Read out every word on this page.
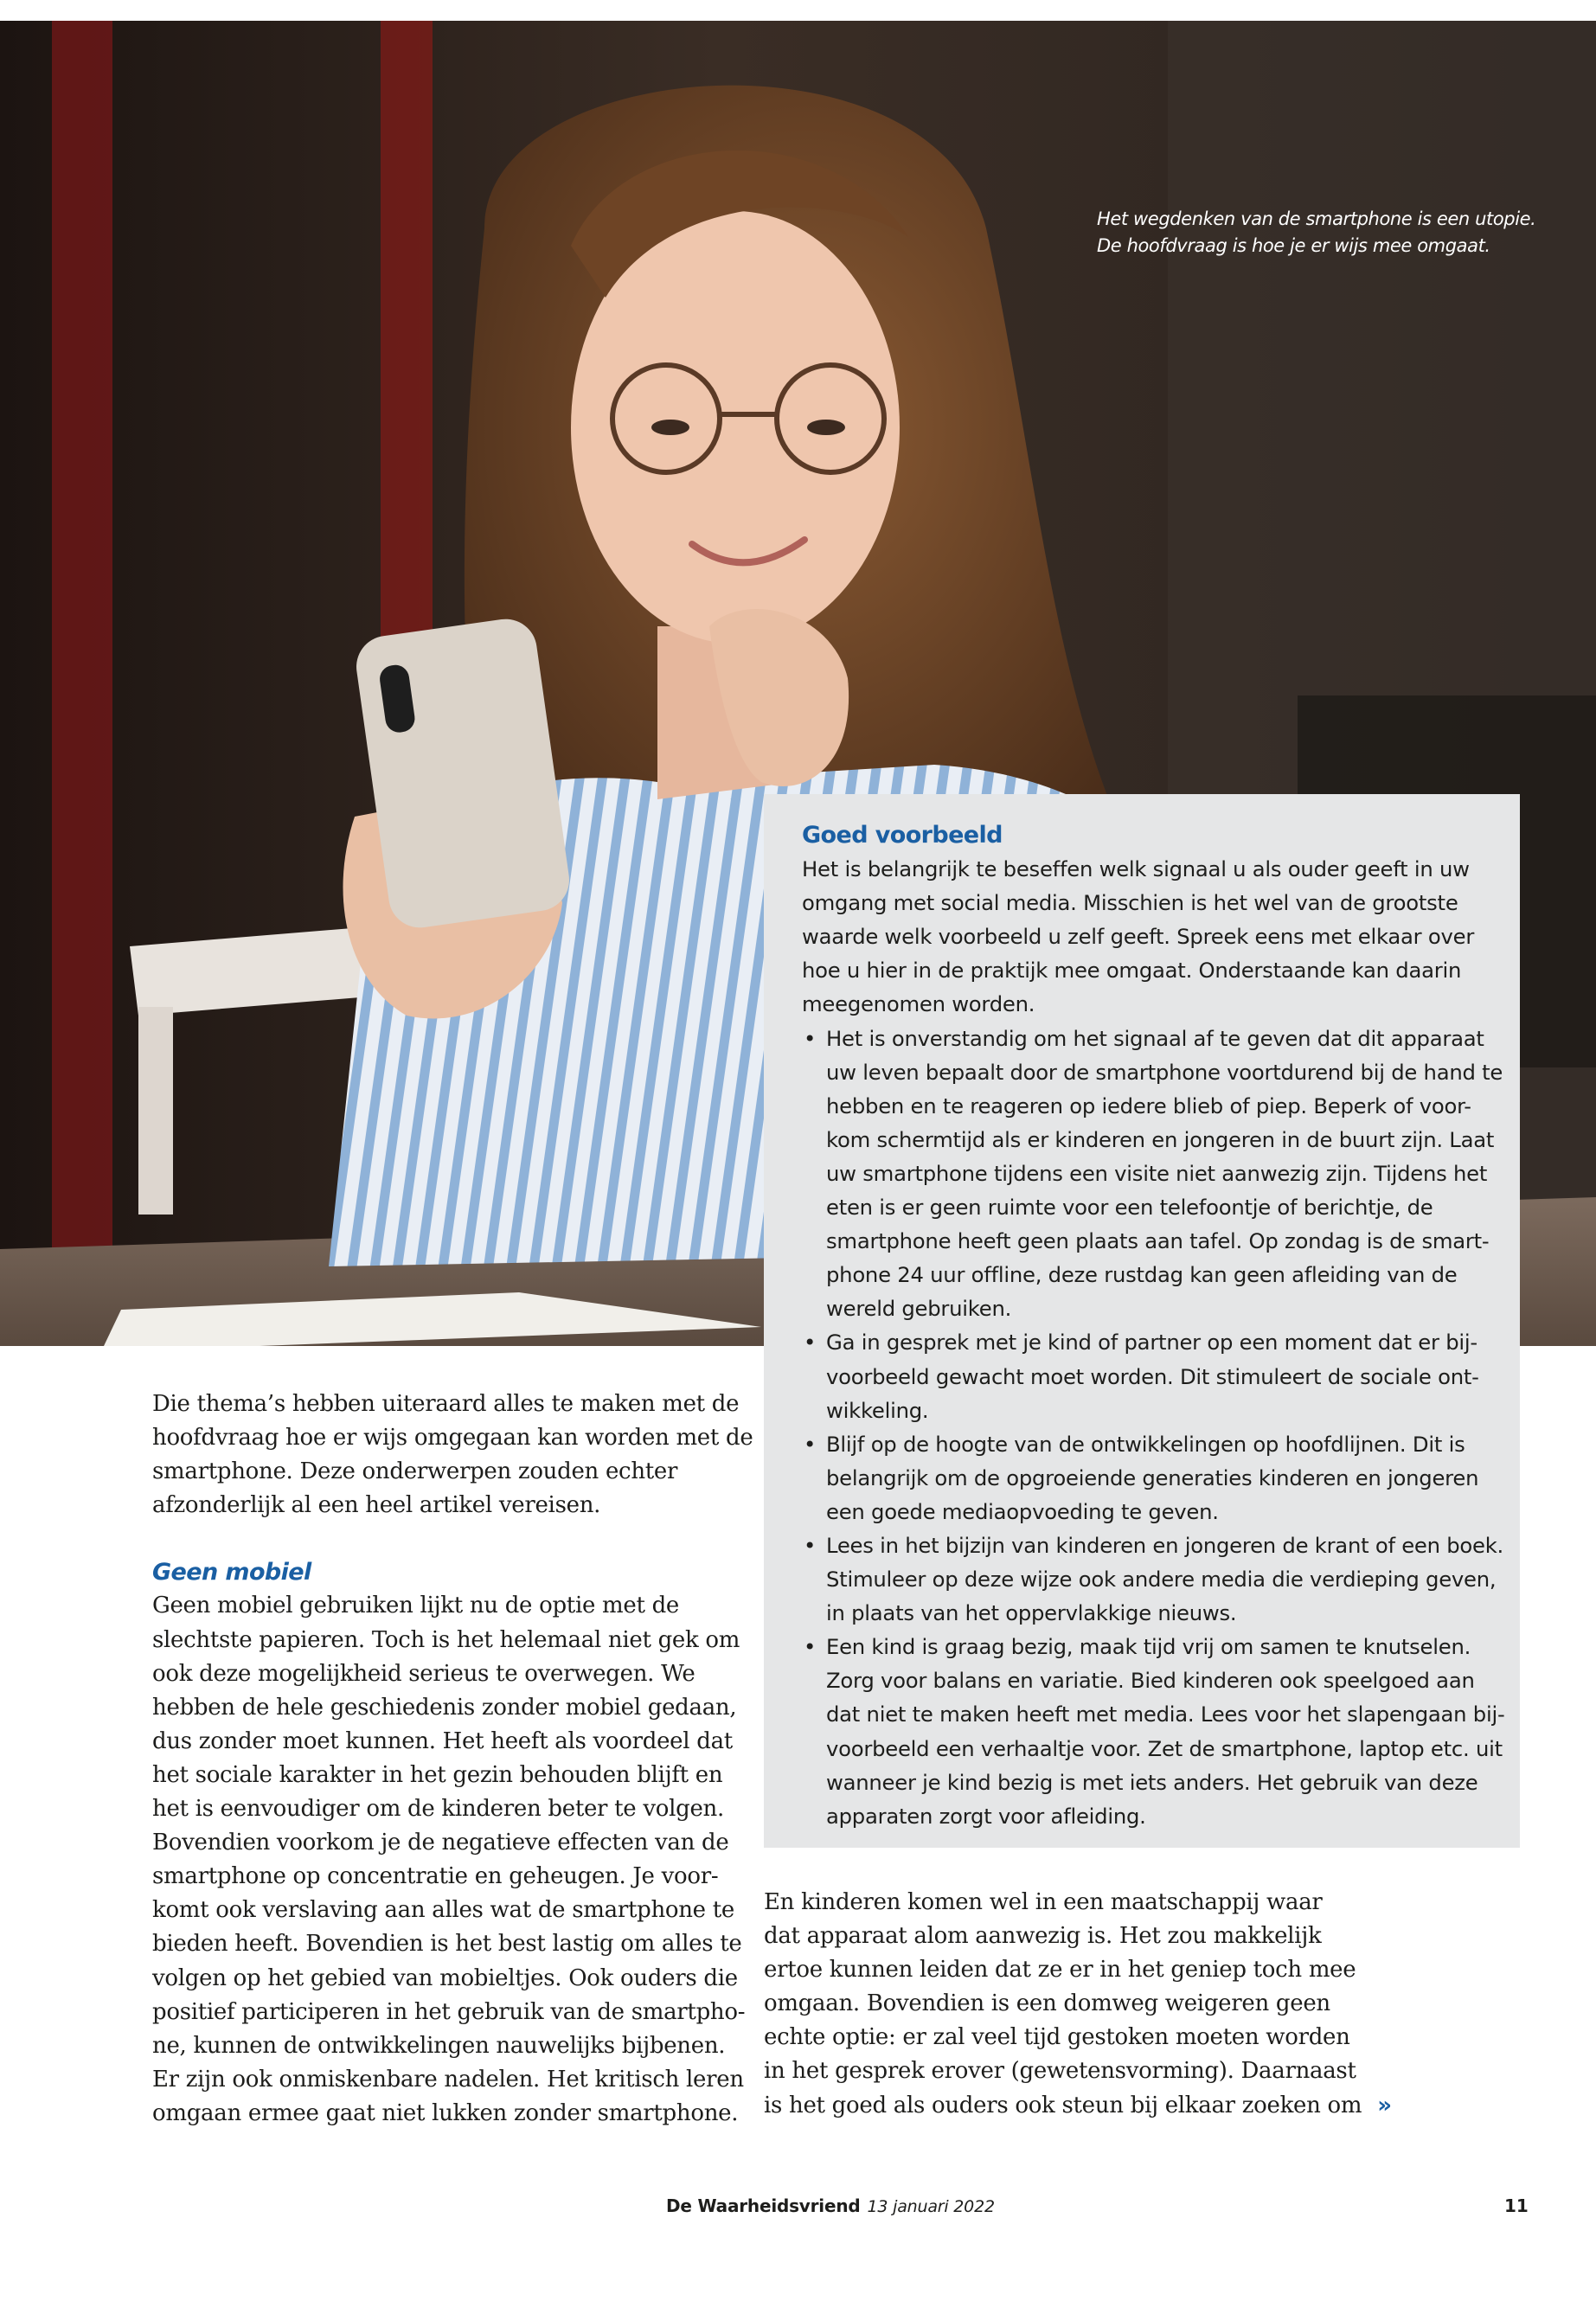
Het wegdenken van de smartphone is een utopie.
De hoofdvraag is hoe je er wijs mee omgaat.
Die thema’s hebben uiteraard alles te maken met de
hoofdvraag hoe er wijs omgegaan kan worden met de
smartphone. Deze onderwerpen zouden echter
afzonderlijk al een heel artikel vereisen.
Geen mobiel
Geen mobiel gebruiken lijkt nu de optie met de
slechtste papieren. Toch is het helemaal niet gek om
ook deze mogelijkheid serieus te overwegen. We
hebben de hele geschiedenis zonder mobiel gedaan,
dus zonder moet kunnen. Het heeft als voordeel dat
het sociale karakter in het gezin behouden blijft en
het is eenvoudiger om de kinderen beter te volgen.
Bovendien voorkom je de negatieve effecten van de
smartphone op concentratie en geheugen. Je voor-
komt ook verslaving aan alles wat de smartphone te
bieden heeft. Bovendien is het best lastig om alles te
volgen op het gebied van mobieltjes. Ook ouders die
positief participeren in het gebruik van de smartpho-
ne, kunnen de ontwikkelingen nauwelijks bijbenen.
Er zijn ook onmiskenbare nadelen. Het kritisch leren
omgaan ermee gaat niet lukken zonder smartphone.
Goed voorbeeld
Het is belangrijk te beseffen welk signaal u als ouder geeft in uw
omgang met social media. Misschien is het wel van de grootste
waarde welk voorbeeld u zelf geeft. Spreek eens met elkaar over
hoe u hier in de praktijk mee omgaat. Onderstaande kan daarin
meegenomen worden.
• Het is onverstandig om het signaal af te geven dat dit apparaat
uw leven bepaalt door de smartphone voortdurend bij de hand te
hebben en te reageren op iedere blieb of piep. Beperk of voor-
kom schermtijd als er kinderen en jongeren in de buurt zijn. Laat
uw smartphone tijdens een visite niet aanwezig zijn. Tijdens het
eten is er geen ruimte voor een telefoontje of berichtje, de
smartphone heeft geen plaats aan tafel. Op zondag is de smart-
phone 24 uur offline, deze rustdag kan geen afleiding van de
wereld gebruiken.
• Ga in gesprek met je kind of partner op een moment dat er bij-
voorbeeld gewacht moet worden. Dit stimuleert de sociale ont-
wikkeling.
• Blijf op de hoogte van de ontwikkelingen op hoofdlijnen. Dit is
belangrijk om de opgroeiende generaties kinderen en jongeren
een goede mediaopvoeding te geven.
• Lees in het bijzijn van kinderen en jongeren de krant of een boek.
Stimuleer op deze wijze ook andere media die verdieping geven,
in plaats van het oppervlakkige nieuws.
• Een kind is graag bezig, maak tijd vrij om samen te knutselen.
Zorg voor balans en variatie. Bied kinderen ook speelgoed aan
dat niet te maken heeft met media. Lees voor het slapengaan bij-
voorbeeld een verhaaltje voor. Zet de smartphone, laptop etc. uit
wanneer je kind bezig is met iets anders. Het gebruik van deze
apparaten zorgt voor afleiding.
En kinderen komen wel in een maatschappij waar
dat apparaat alom aanwezig is. Het zou makkelijk
ertoe kunnen leiden dat ze er in het geniep toch mee
omgaan. Bovendien is een domweg weigeren geen
echte optie: er zal veel tijd gestoken moeten worden
in het gesprek erover (gewetensvorming). Daarnaast
is het goed als ouders ook steun bij elkaar zoeken om »
De Waarheidsvriend 13 januari 2022	11
